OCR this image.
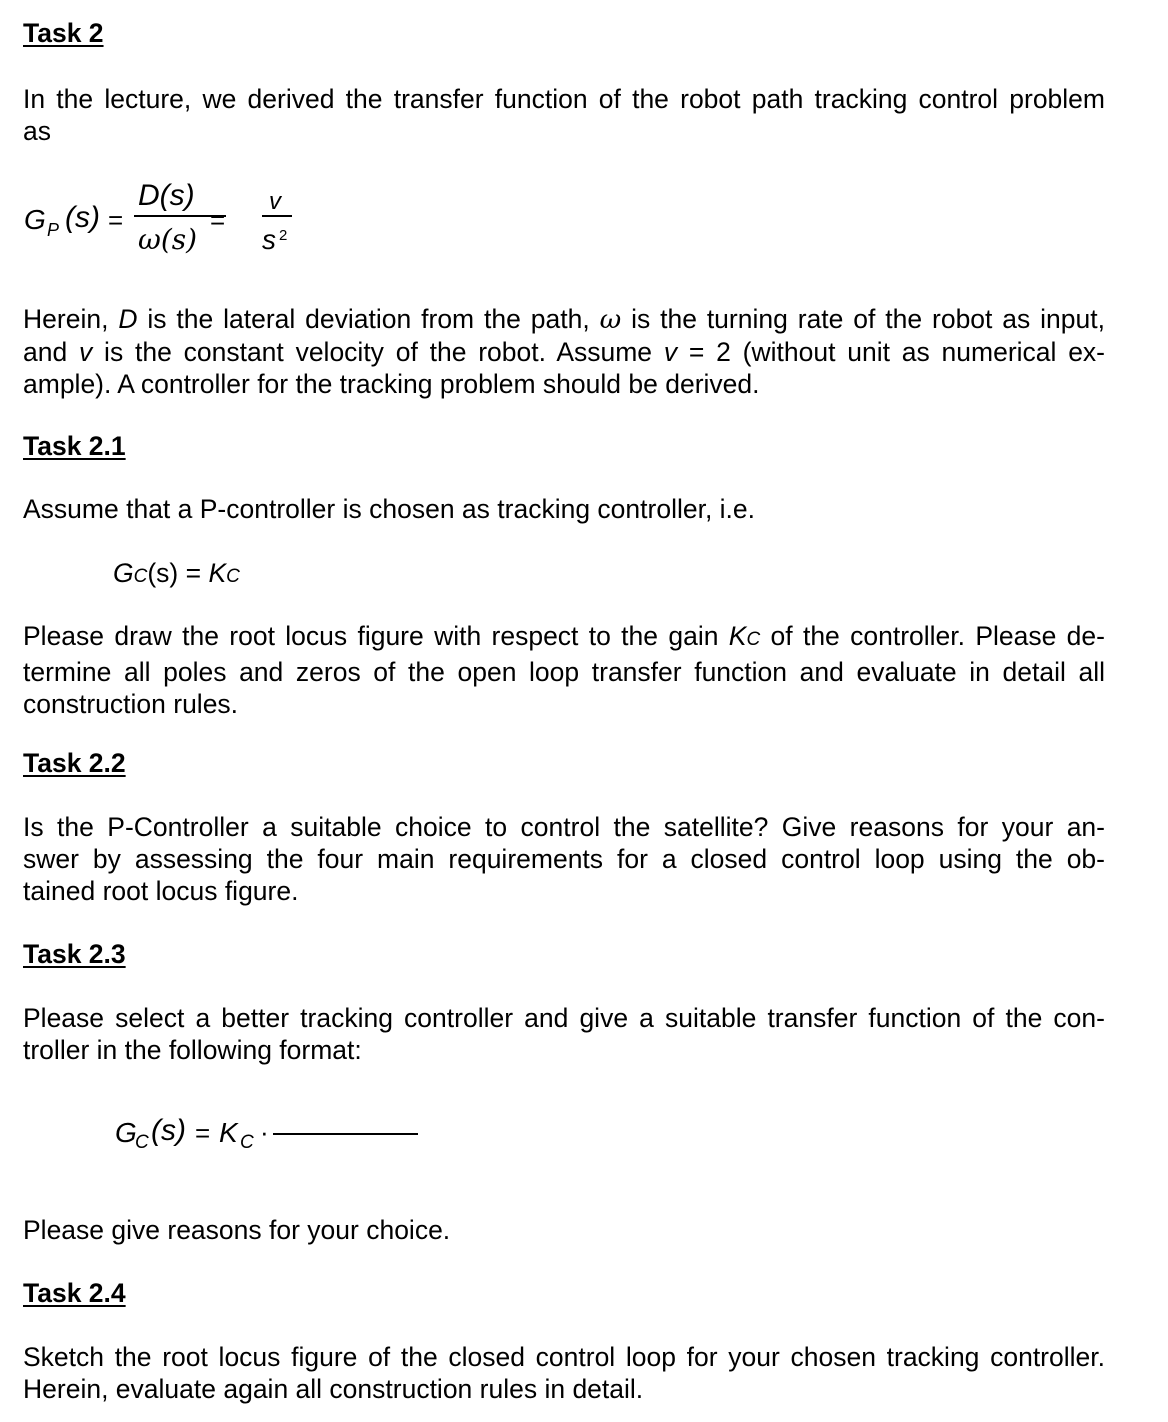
Task 2
In the lecture, we derived the transfer function of the robot path tracking control problem
as
G P (s) =
D(s)
ω(s)
=
v
s 2
Herein, D is the lateral deviation from the path, ω is the turning rate of the robot as input,
and v is the constant velocity of the robot. Assume v = 2 (without unit as numerical ex-
ample). A controller for the tracking problem should be derived.
Task 2.1
Assume that a P-controller is chosen as tracking controller, i.e.
GC(s) = KC
Please draw the root locus figure with respect to the gain KC of the controller. Please de-
termine all poles and zeros of the open loop transfer function and evaluate in detail all
construction rules.
Task 2.2
Is the P-Controller a suitable choice to control the satellite? Give reasons for your an-
swer by assessing the four main requirements for a closed control loop using the ob-
tained root locus figure.
Task 2.3
Please select a better tracking controller and give a suitable transfer function of the con-
troller in the following format:
G
C (s) = K C ·
Please give reasons for your choice.
Task 2.4
Sketch the root locus figure of the closed control loop for your chosen tracking controller.
Herein, evaluate again all construction rules in detail.
